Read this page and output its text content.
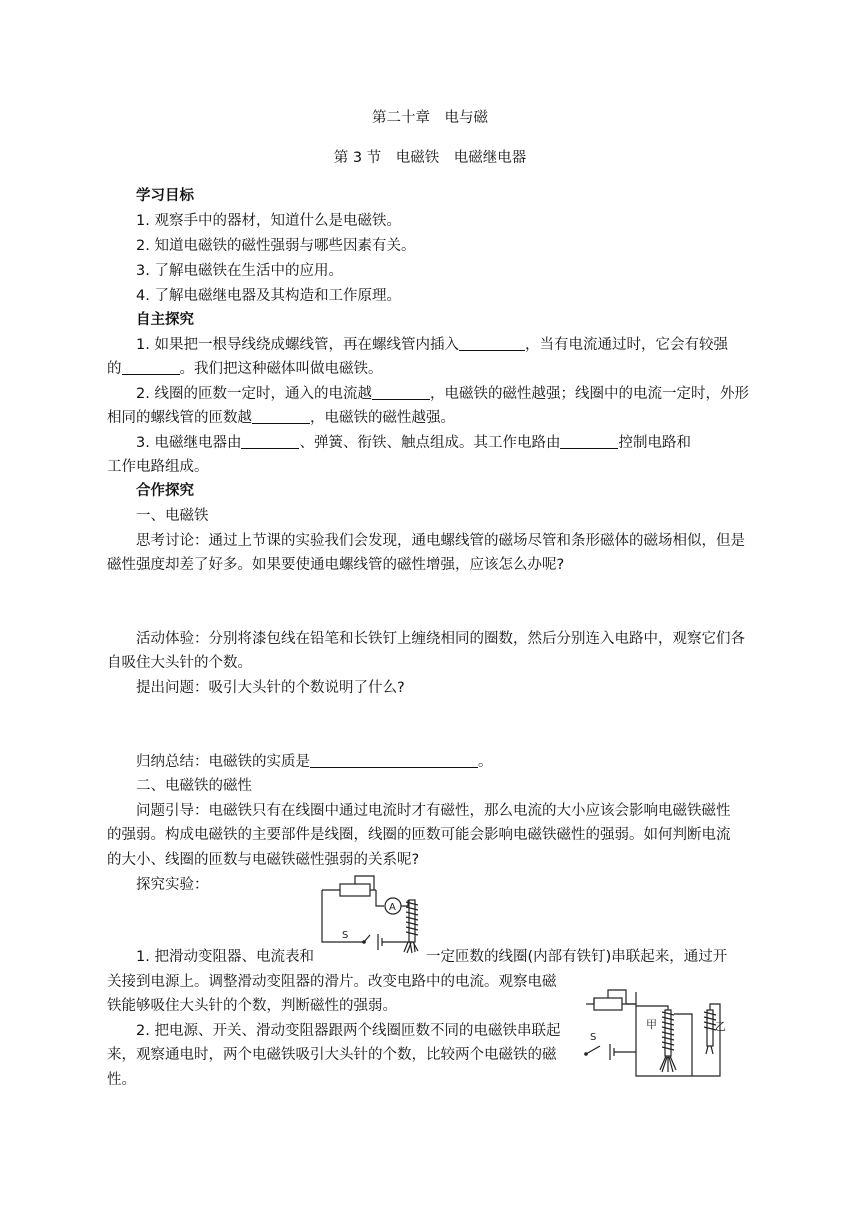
第二十章　电与磁
第 3 节　电磁铁　电磁继电器
学习目标
1. 观察手中的器材，知道什么是电磁铁。
2. 知道电磁铁的磁性强弱与哪些因素有关。
3. 了解电磁铁在生活中的应用。
4. 了解电磁继电器及其构造和工作原理。
自主探究
1. 如果把一根导线绕成螺线管，再在螺线管内插入	，当有电流通过时，它会有较强
的	。我们把这种磁体叫做电磁铁。
2. 线圈的匝数一定时，通入的电流越	，电磁铁的磁性越强；线圈中的电流一定时，外形
相同的螺线管的匝数越	，电磁铁的磁性越强。
3. 电磁继电器由	、弹簧、衔铁、触点组成。其工作电路由	控制电路和
工作电路组成。
合作探究
一、电磁铁
思考讨论：通过上节课的实验我们会发现，通电螺线管的磁场尽管和条形磁体的磁场相似，但是
磁性强度却差了好多。如果要使通电螺线管的磁性增强，应该怎么办呢?
活动体验：分别将漆包线在铅笔和长铁钉上缠绕相同的圈数，然后分别连入电路中，观察它们各
自吸住大头针的个数。
提出问题：吸引大头针的个数说明了什么?
归纳总结：电磁铁的实质是	。
二、电磁铁的磁性
问题引导：电磁铁只有在线圈中通过电流时才有磁性，那么电流的大小应该会影响电磁铁磁性
的强弱。构成电磁铁的主要部件是线圈，线圈的匝数可能会影响电磁铁磁性的强弱。如何判断电流
的大小、线圈的匝数与电磁铁磁性强弱的关系呢?
探究实验：
S
A
1. 把滑动变阻器、电流表和	一定匝数的线圈(内部有铁钉)串联起来，通过开
关接到电源上。调整滑动变阻器的滑片。改变电路中的电流。观察电磁
铁能够吸住大头针的个数，判断磁性的强弱。
2. 把电源、开关、滑动变阻器跟两个线圈匝数不同的电磁铁串联起
来，观察通电时，两个电磁铁吸引大头针的个数，比较两个电磁铁的磁
性。
S
甲	乙
